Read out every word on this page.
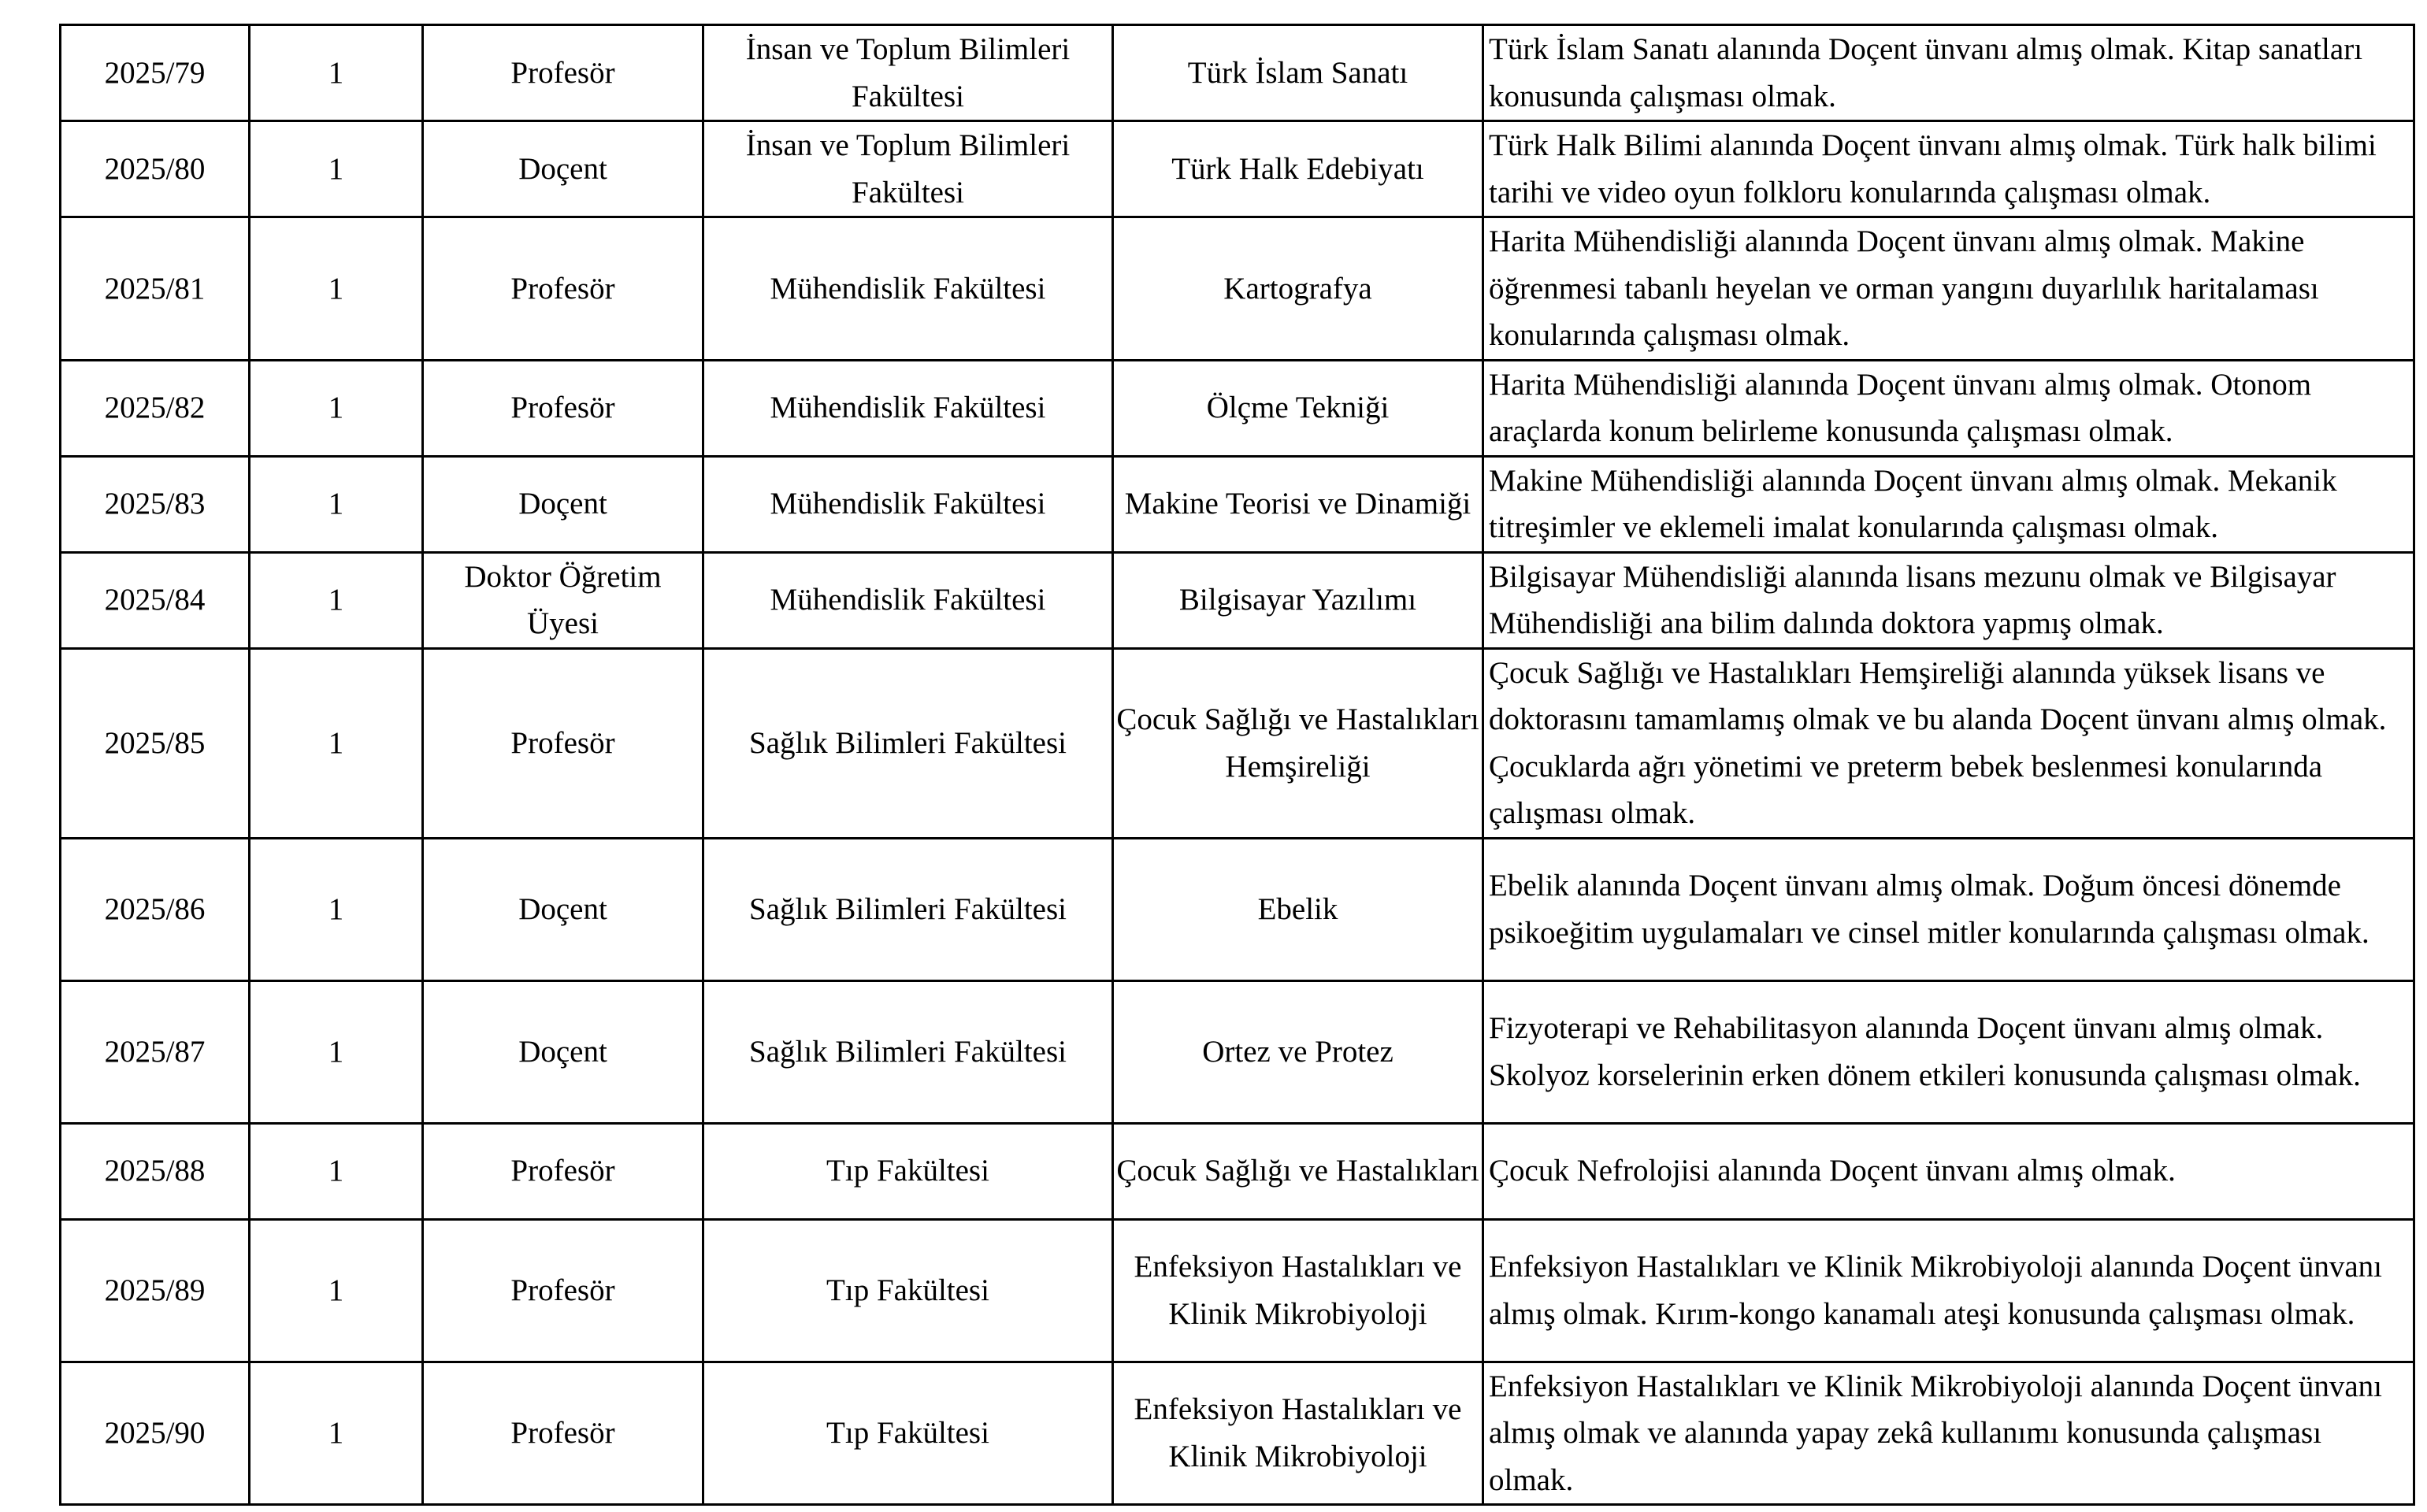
2025/79	1	Profesör	İnsan ve Toplum Bilimleri Fakültesi	Türk İslam Sanatı	Türk İslam Sanatı alanında Doçent ünvanı almış olmak. Kitap sanatları konusunda çalışması olmak.
2025/80	1	Doçent	İnsan ve Toplum Bilimleri Fakültesi	Türk Halk Edebiyatı	Türk Halk Bilimi alanında Doçent ünvanı almış olmak. Türk halk bilimi tarihi ve video oyun folkloru konularında çalışması olmak.
2025/81	1	Profesör	Mühendislik Fakültesi	Kartografya	Harita Mühendisliği alanında Doçent ünvanı almış olmak. Makine öğrenmesi tabanlı heyelan ve orman yangını duyarlılık haritalaması konularında çalışması olmak.
2025/82	1	Profesör	Mühendislik Fakültesi	Ölçme Tekniği	Harita Mühendisliği alanında Doçent ünvanı almış olmak. Otonom araçlarda konum belirleme konusunda çalışması olmak.
2025/83	1	Doçent	Mühendislik Fakültesi	Makine Teorisi ve Dinamiği	Makine Mühendisliği alanında Doçent ünvanı almış olmak. Mekanik titreşimler ve eklemeli imalat konularında çalışması olmak.
2025/84	1	Doktor Öğretim Üyesi	Mühendislik Fakültesi	Bilgisayar Yazılımı	Bilgisayar Mühendisliği alanında lisans mezunu olmak ve Bilgisayar Mühendisliği ana bilim dalında doktora yapmış olmak.
2025/85	1	Profesör	Sağlık Bilimleri Fakültesi	Çocuk Sağlığı ve Hastalıkları Hemşireliği	Çocuk Sağlığı ve Hastalıkları Hemşireliği alanında yüksek lisans ve doktorasını tamamlamış olmak ve bu alanda Doçent ünvanı almış olmak. Çocuklarda ağrı yönetimi ve preterm bebek beslenmesi konularında çalışması olmak.
2025/86	1	Doçent	Sağlık Bilimleri Fakültesi	Ebelik	Ebelik alanında Doçent ünvanı almış olmak. Doğum öncesi dönemde psikoeğitim uygulamaları ve cinsel mitler konularında çalışması olmak.
2025/87	1	Doçent	Sağlık Bilimleri Fakültesi	Ortez ve Protez	Fizyoterapi ve Rehabilitasyon alanında Doçent ünvanı almış olmak. Skolyoz korselerinin erken dönem etkileri konusunda çalışması olmak.
2025/88	1	Profesör	Tıp Fakültesi	Çocuk Sağlığı ve Hastalıkları	Çocuk Nefrolojisi alanında Doçent ünvanı almış olmak.
2025/89	1	Profesör	Tıp Fakültesi	Enfeksiyon Hastalıkları ve Klinik Mikrobiyoloji	Enfeksiyon Hastalıkları ve Klinik Mikrobiyoloji alanında Doçent ünvanı almış olmak. Kırım-kongo kanamalı ateşi konusunda çalışması olmak.
2025/90	1	Profesör	Tıp Fakültesi	Enfeksiyon Hastalıkları ve Klinik Mikrobiyoloji	Enfeksiyon Hastalıkları ve Klinik Mikrobiyoloji alanında Doçent ünvanı almış olmak ve alanında yapay zekâ kullanımı konusunda çalışması olmak.
